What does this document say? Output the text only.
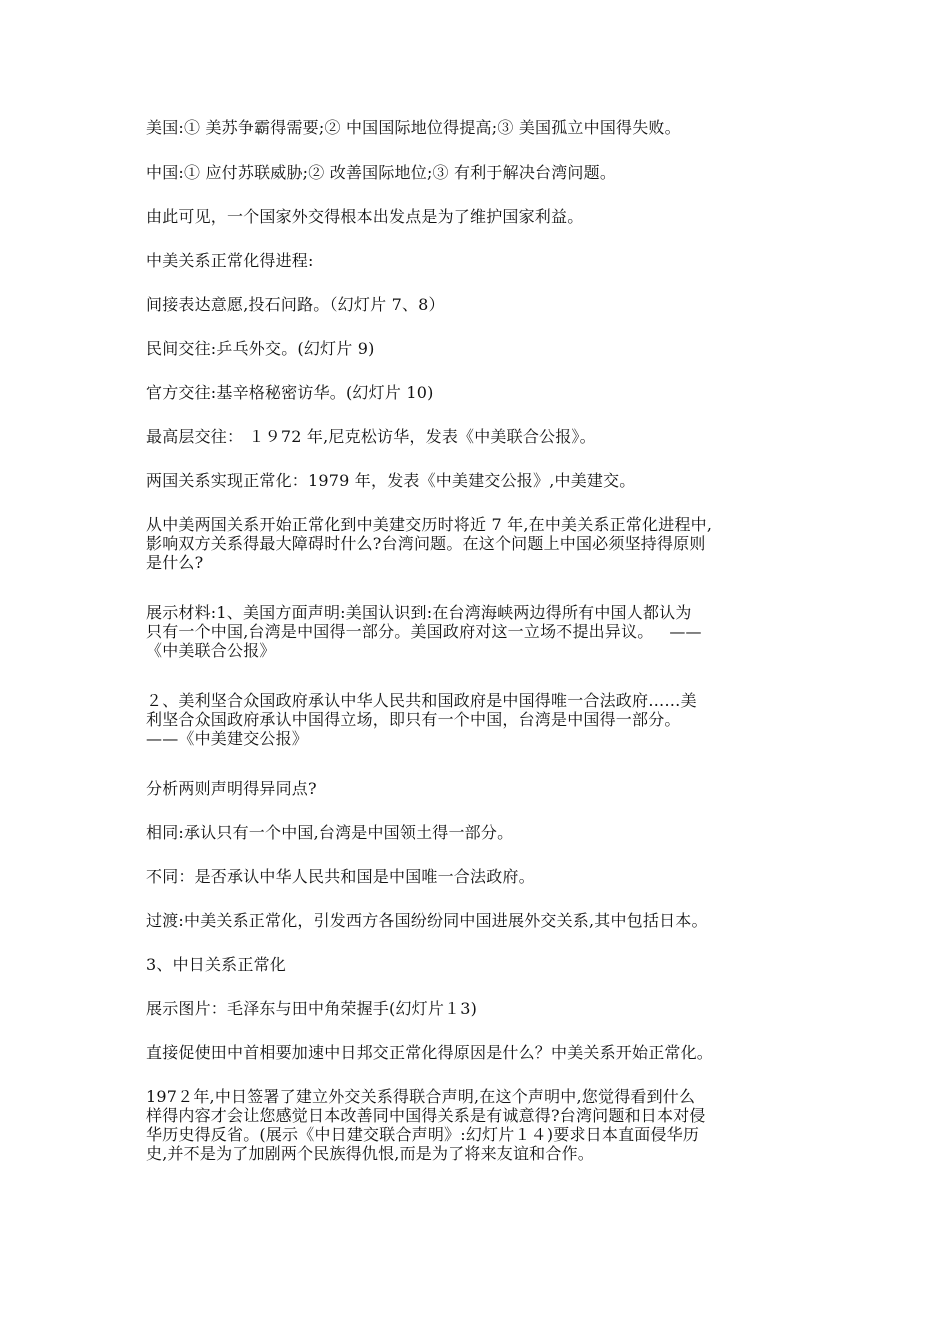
美国:① 美苏争霸得需要;② 中国国际地位得提高;③ 美国孤立中国得失败。

中国:① 应付苏联威胁;② 改善国际地位;③ 有利于解决台湾问题。

由此可见，一个国家外交得根本出发点是为了维护国家利益。

中美关系正常化得进程:

间接表达意愿,投石问路。（幻灯片 7、8）

民间交往:乒乓外交。(幻灯片 9)

官方交往:基辛格秘密访华。(幻灯片 10)

最高层交往： １９72 年,尼克松访华，发表《中美联合公报》。

两国关系实现正常化：1979 年，发表《中美建交公报》,中美建交。

从中美两国关系开始正常化到中美建交历时将近 7 年,在中美关系正常化进程中,
影响双方关系得最大障碍时什么?台湾问题。在这个问题上中国必须坚持得原则
是什么?

展示材料:1、美国方面声明:美国认识到:在台湾海峡两边得所有中国人都认为
只有一个中国,台湾是中国得一部分。美国政府对这一立场不提出异议。   ——
《中美联合公报》

２、美利坚合众国政府承认中华人民共和国政府是中国得唯一合法政府……美
利坚合众国政府承认中国得立场，即只有一个中国，台湾是中国得一部分。
——《中美建交公报》

分析两则声明得异同点?

相同:承认只有一个中国,台湾是中国领土得一部分。

不同：是否承认中华人民共和国是中国唯一合法政府。

过渡:中美关系正常化，引发西方各国纷纷同中国进展外交关系,其中包括日本。

3、中日关系正常化

展示图片：毛泽东与田中角荣握手(幻灯片１3)

直接促使田中首相要加速中日邦交正常化得原因是什么？中美关系开始正常化。

197２年,中日签署了建立外交关系得联合声明,在这个声明中,您觉得看到什么
样得内容才会让您感觉日本改善同中国得关系是有诚意得?台湾问题和日本对侵
华历史得反省。(展示《中日建交联合声明》:幻灯片１４)要求日本直面侵华历
史,并不是为了加剧两个民族得仇恨,而是为了将来友谊和合作。
